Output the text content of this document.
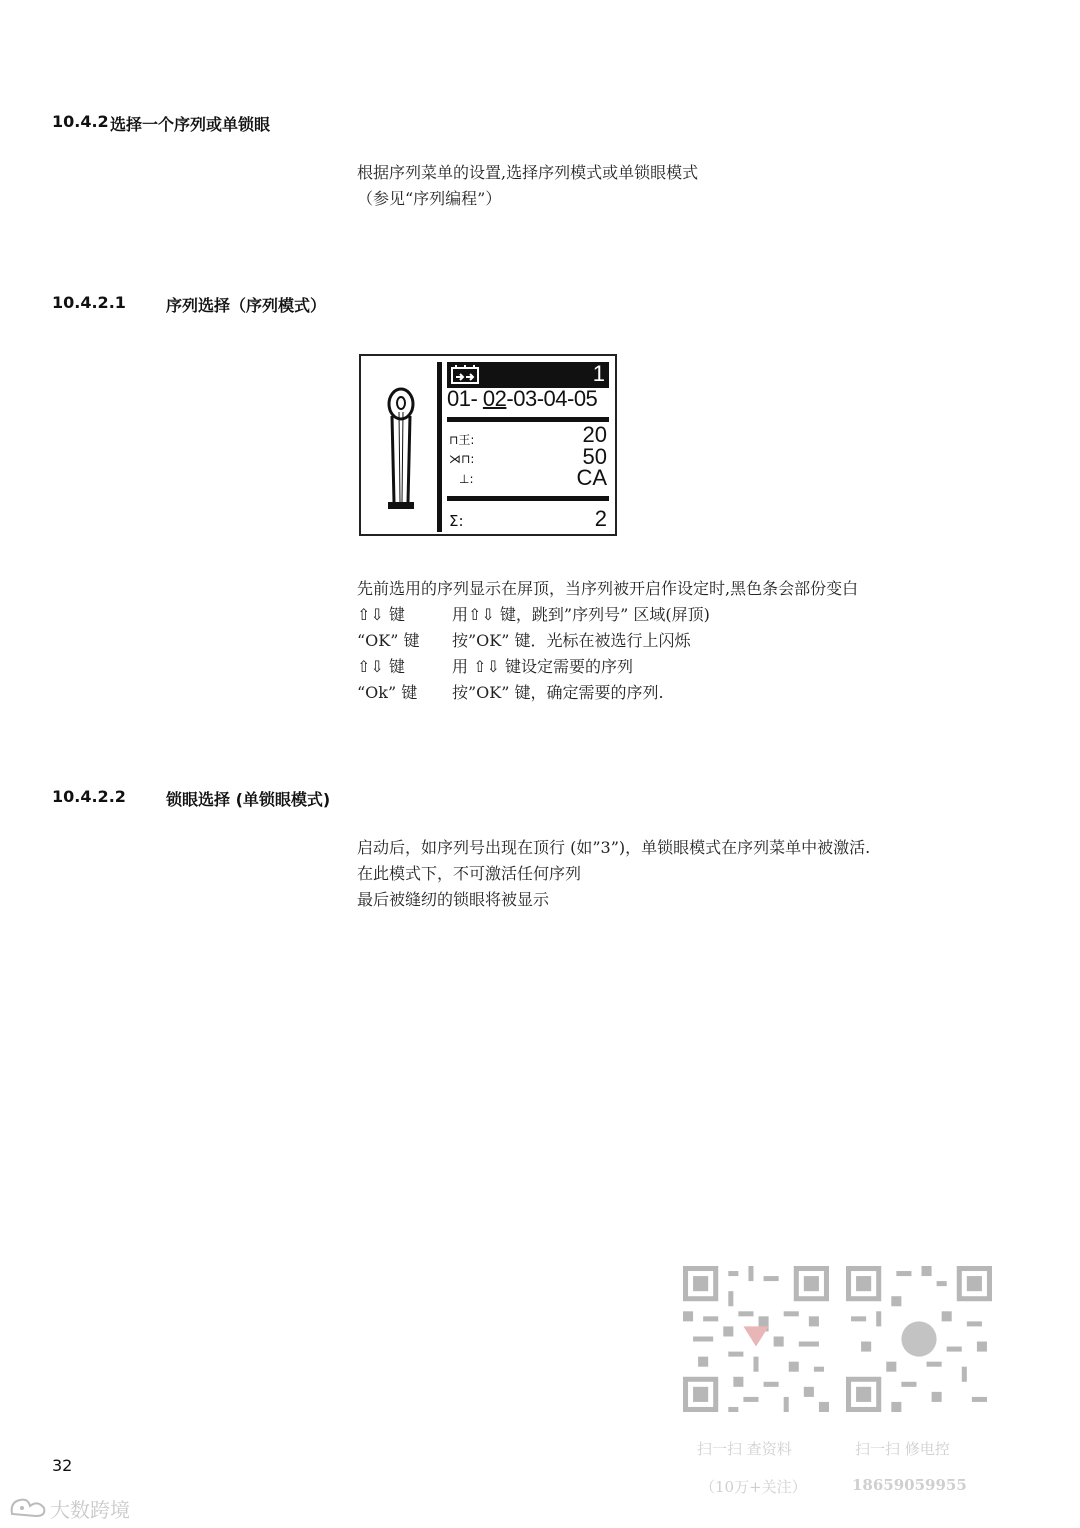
10.4.2 选择一个序列或单锁眼
根据序列菜单的设置,选择序列模式或单锁眼模式
（参见“序列编程”）
10.4.2.1	序列选择（序列模式）
1
01- 02-03-04-05
⊓王:	20
⋊⊓:	50
⊥:	CA
Σ:	2
先前选用的序列显示在屏顶，当序列被开启作设定时,黑色条会部份变白
⇧⇩ 键	用⇧⇩ 键，跳到”序列号” 区域(屏顶)
“OK” 键 按”OK” 键．光标在被选行上闪烁
⇧⇩ 键	用 ⇧⇩ 键设定需要的序列
“Ok” 键 按”OK” 键，确定需要的序列.
10.4.2.2	锁眼选择 (单锁眼模式)
启动后，如序列号出现在顶行 (如”3”)，单锁眼模式在序列菜单中被激活.
在此模式下，不可激活任何序列
最后被缝纫的锁眼将被显示
扫一扫 查资料
（10万+关注）
扫一扫 修电控
18659059955
32
大数跨境
